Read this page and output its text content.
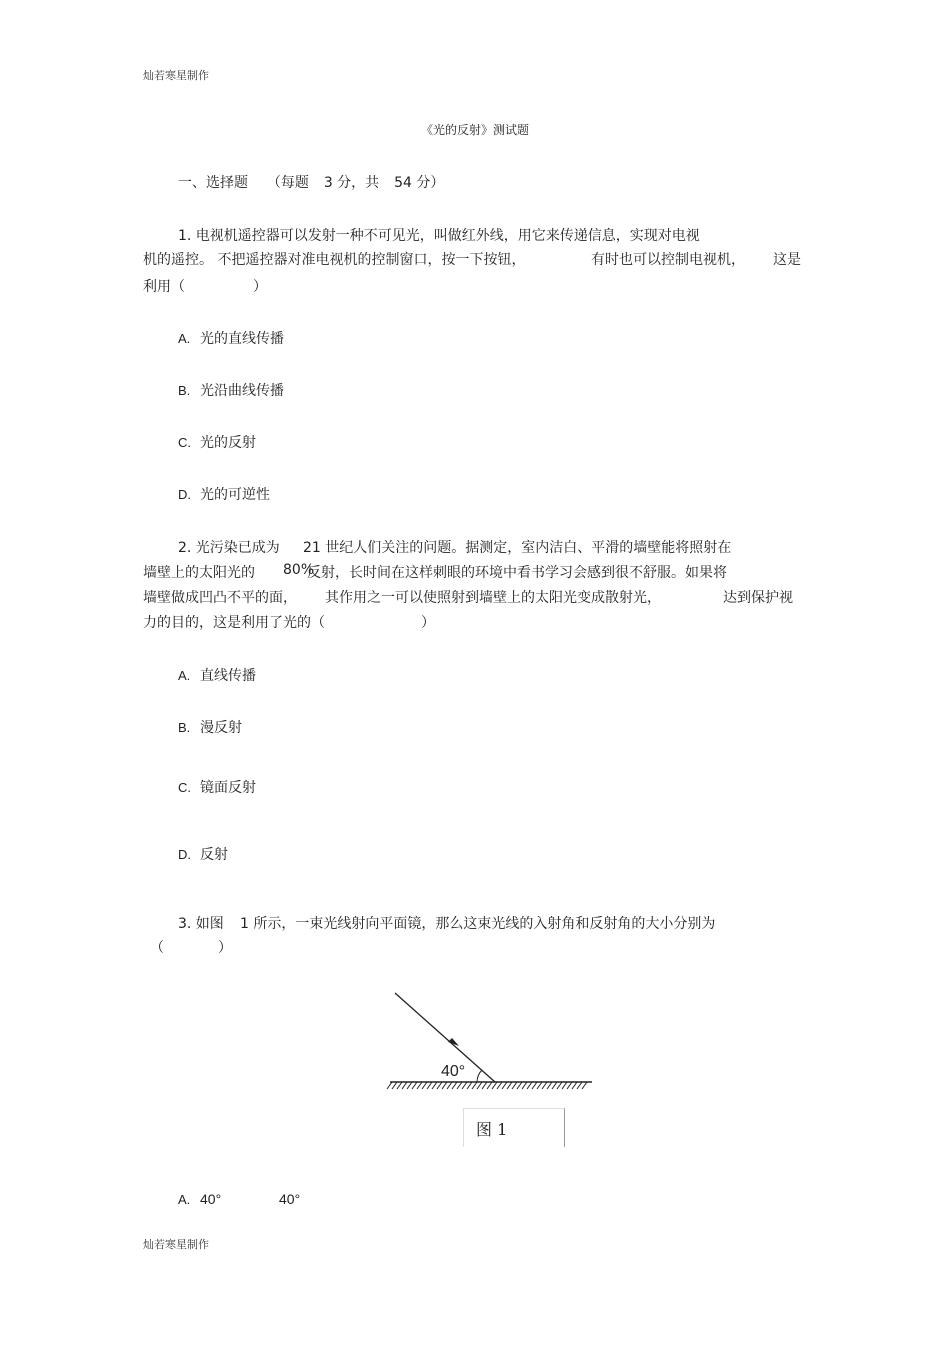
灿若寒星制作
《光的反射》测试题
一、选择题 （每题 3 分，共 54 分）
1. 电视机遥控器可以发射一种不可见光，叫做红外线，用它来传递信息，实现对电视
机的遥控。 不把遥控器对准电视机的控制窗口，按一下按钮，	有时也可以控制电视机， 这是
利用（	）
A. 光的直线传播
B. 光沿曲线传播
C. 光的反射
D. 光的可逆性
2. 光污染已成为 21 世纪人们关注的问题。据测定，室内洁白、平滑的墙壁能将照射在
墙壁上的太阳光的 80%
反射，长时间在这样刺眼的环境中看书学习会感到很不舒服。如果将
墙壁做成凹凸不平的面， 其作用之一可以使照射到墙壁上的太阳光变成散射光，	达到保护视
力的目的，这是利用了光的（	）
A. 直线传播
B. 漫反射
C. 镜面反射
D. 反射
3. 如图 1 所示，一束光线射向平面镜，那么这束光线的入射角和反射角的大小分别为
（	）
40°
图 1
A. 40°	40°
灿若寒星制作
